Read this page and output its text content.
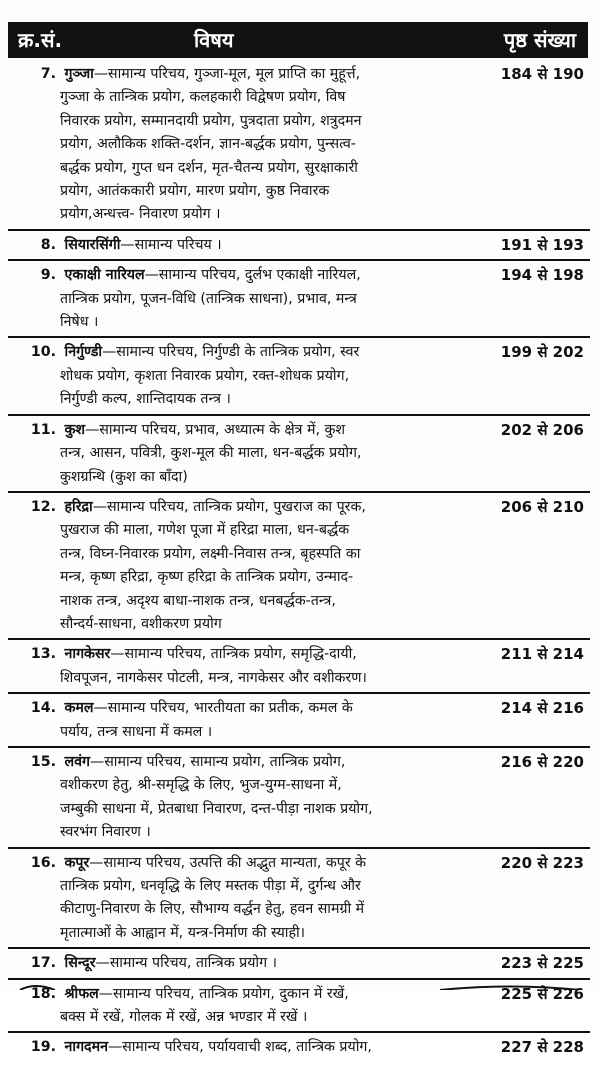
क्र.सं.	विषय	पृष्ठ संख्या
7. गुञ्जा—सामान्य परिचय, गुञ्जा-मूल, मूल प्राप्ति का मुहूर्त्त,
गुञ्जा के तान्त्रिक प्रयोग, कलहकारी विद्वेषण प्रयोग, विष
निवारक प्रयोग, सम्मानदायी प्रयोग, पुत्रदाता प्रयोग, शत्रुदमन
प्रयोग, अलौकिक शक्ति-दर्शन, ज्ञान-बर्द्धक प्रयोग, पुन्सत्व-
बर्द्धक प्रयोग, गुप्त धन दर्शन, मृत-चैतन्य प्रयोग, सुरक्षाकारी
प्रयोग, आतंककारी प्रयोग, मारण प्रयोग, कुष्ठ निवारक
प्रयोग,अन्धत्त्व- निवारण प्रयोग ।
184 से 190
8. सियारसिंगी—सामान्य परिचय ।	191 से 193
9. एकाक्षी नारियल—सामान्य परिचय, दुर्लभ एकाक्षी नारियल,
तान्त्रिक प्रयोग, पूजन-विधि (तान्त्रिक साधना), प्रभाव, मन्त्र
निषेध ।
194 से 198
10. निर्गुण्डी—सामान्य परिचय, निर्गुण्डी के तान्त्रिक प्रयोग, स्वर
शोधक प्रयोग, कृशता निवारक प्रयोग, रक्त-शोधक प्रयोग,
निर्गुण्डी कल्प, शान्तिदायक तन्त्र ।
199 से 202
11. कुश—सामान्य परिचय, प्रभाव, अध्यात्म के क्षेत्र में, कुश
तन्त्र, आसन, पवित्री, कुश-मूल की माला, धन-बर्द्धक प्रयोग,
कुशग्रन्थि (कुश का बाँदा)
202 से 206
12. हरिद्रा—सामान्य परिचय, तान्त्रिक प्रयोग, पुखराज का पूरक,
पुखराज की माला, गणेश पूजा में हरिद्रा माला, धन-बर्द्धक
तन्त्र, विघ्न-निवारक प्रयोग, लक्ष्मी-निवास तन्त्र, बृहस्पति का
मन्त्र, कृष्ण हरिद्रा, कृष्ण हरिद्रा के तान्त्रिक प्रयोग, उन्माद-
नाशक तन्त्र, अदृश्य बाधा-नाशक तन्त्र, धनबर्द्धक-तन्त्र,
सौन्दर्य-साधना, वशीकरण प्रयोग
206 से 210
13. नागकेसर—सामान्य परिचय, तान्त्रिक प्रयोग, समृद्धि-दायी,
शिवपूजन, नागकेसर पोटली, मन्त्र, नागकेसर और वशीकरण।
211 से 214
14. कमल—सामान्य परिचय, भारतीयता का प्रतीक, कमल के
पर्याय, तन्त्र साधना में कमल ।
214 से 216
15. लवंग—सामान्य परिचय, सामान्य प्रयोग, तान्त्रिक प्रयोग,
वशीकरण हेतु, श्री-समृद्धि के लिए, भुज-युग्म-साधना में,
जम्बुकी साधना में, प्रेतबाधा निवारण, दन्त-पीड़ा नाशक प्रयोग,
स्वरभंग निवारण ।
216 से 220
16. कपूर—सामान्य परिचय, उत्पत्ति की अद्भुत मान्यता, कपूर के
तान्त्रिक प्रयोग, धनवृद्धि के लिए मस्तक पीड़ा में, दुर्गन्ध और
कीटाणु-निवारण के लिए, सौभाग्य वर्द्धन हेतु, हवन सामग्री में
मृतात्माओं के आह्वान में, यन्त्र-निर्माण की स्याही।
220 से 223
17. सिन्दूर—सामान्य परिचय, तान्त्रिक प्रयोग ।	223 से 225
18. श्रीफल—सामान्य परिचय, तान्त्रिक प्रयोग, दुकान में रखें,
बक्स में रखें, गोलक में रखें, अन्न भण्डार में रखें ।
225 से 226
19. नागदमन—सामान्य परिचय, पर्यायवाची शब्द, तान्त्रिक प्रयोग,	227 से 228
